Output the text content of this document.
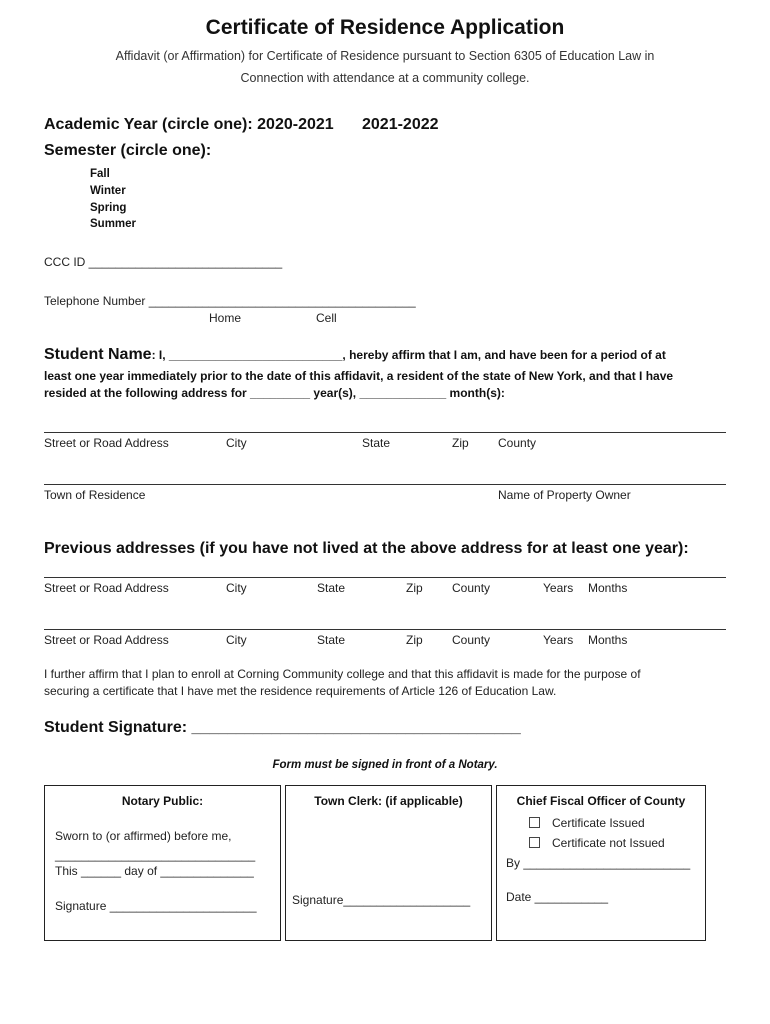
Certificate of Residence Application
Affidavit (or Affirmation) for Certificate of Residence pursuant to Section 6305 of Education Law in
Connection with attendance at a community college.
Academic Year (circle one): 2020-2021 2021-2022
Semester (circle one):
Fall
Winter
Spring
Summer
CCC ID _____________________________
Telephone Number ________________________________________
Home	Cell
Student Name: I, __________________________, hereby affirm that I am, and have been for a period of at
least one year immediately prior to the date of this affidavit, a resident of the state of New York, and that I have
resided at the following address for _________ year(s), _____________ month(s):
Street or Road Address	City	State	Zip County
Town of Residence	Name of Property Owner
Previous addresses (if you have not lived at the above address for at least one year):
Street or Road Address	City	State	Zip County	Years Months
Street or Road Address	City	State	Zip County	Years Months
I further affirm that I plan to enroll at Corning Community college and that this affidavit is made for the purpose of
securing a certificate that I have met the residence requirements of Article 126 of Education Law.
Student Signature: _____________________________________
Form must be signed in front of a Notary.
Notary Public:
Sworn to (or affirmed) before me,
______________________________
This ______ day of ______________
Signature ______________________
Town Clerk: (if applicable)
Signature___________________
Chief Fiscal Officer of County
Certificate Issued
Certificate not Issued
By _________________________
Date ___________
